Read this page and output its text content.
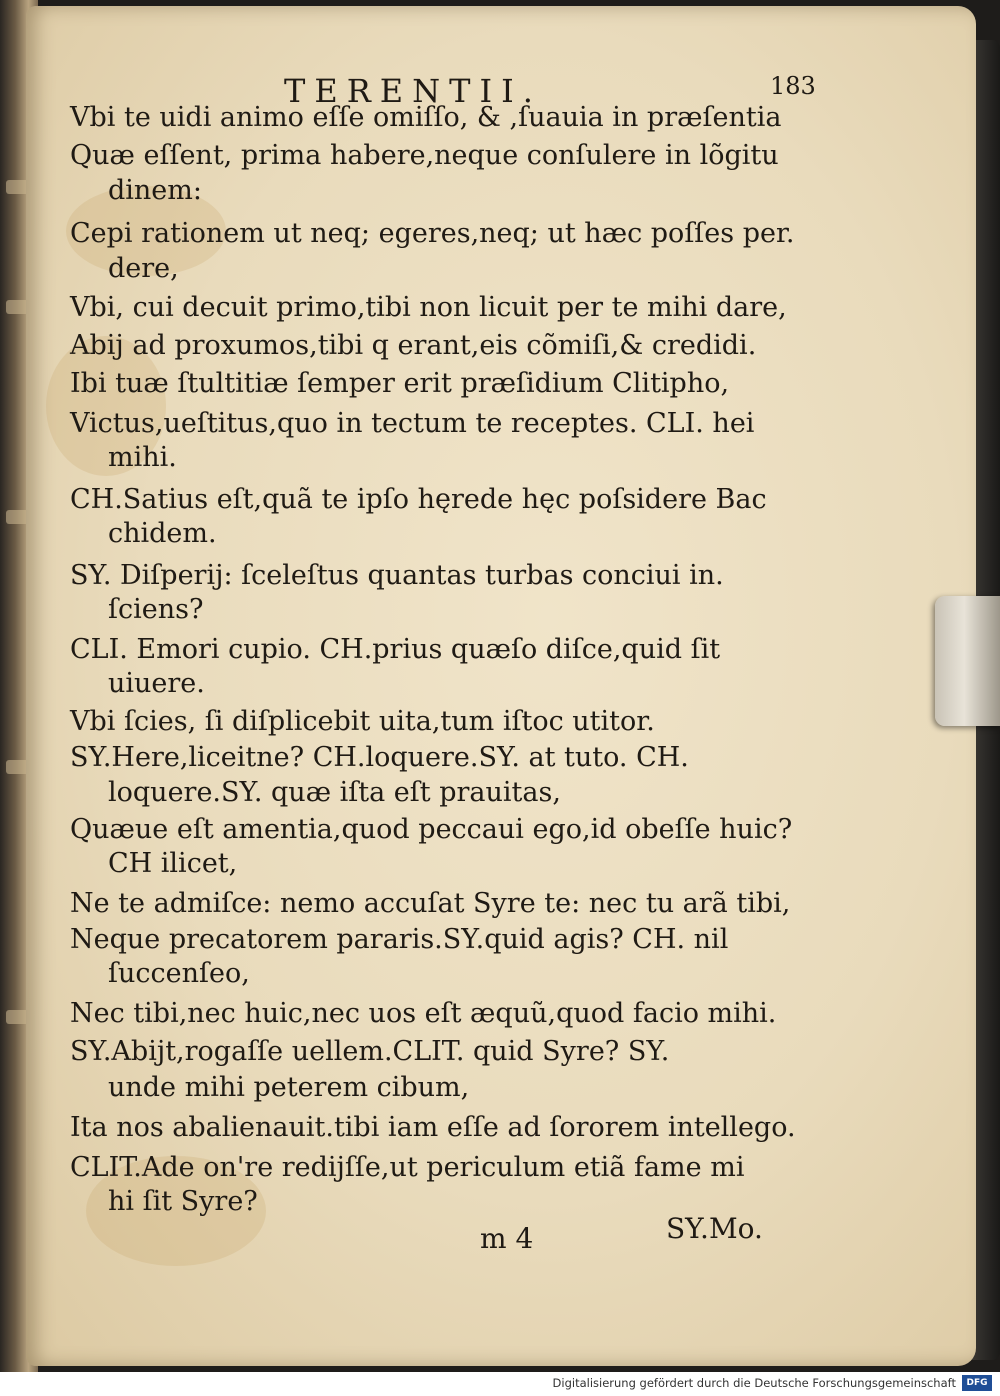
TERENTII.	183
Vbi te uidi animo eſſe omiſſo, & ,ſuauia in præſentia
Quæ eſſent, prima habere,neque conſulere in lõgitu
dinem:
Cepi rationem ut neq; egeres,neq; ut hæc poſſes per.
dere,
Vbi, cui decuit primo,tibi non licuit per te mihi dare,
Abij ad proxumos,tibi q erant,eis cõmiſi,& credidi.
Ibi tuæ ſtultitiæ ſemper erit præſidium Clitipho,
Victus,ueſtitus,quo in tectum te receptes. CLI. hei
mihi.
CH.Satius eſt,quã te ipſo hęrede hęc poſsidere Bac
chidem.
SY. Diſperij: ſceleſtus quantas turbas conciui in.
ſciens?
CLI. Emori cupio. CH.prius quæſo diſce,quid ſit
uiuere.
Vbi ſcies, ſi diſplicebit uita,tum iſtoc utitor.
SY.Here,liceitne? CH.loquere.SY. at tuto. CH.
loquere.SY. quæ iſta eſt prauitas,
Quæue eſt amentia,quod peccaui ego,id obeſſe huic?
CH ilicet,
Ne te admiſce: nemo accuſat Syre te: nec tu arã tibi,
Neque precatorem pararis.SY.quid agis? CH. nil
ſuccenſeo,
Nec tibi,nec huic,nec uos eſt æquũ,quod facio mihi.
SY.Abijt,rogaſſe uellem.CLIT. quid Syre? SY.
unde mihi peterem cibum,
Ita nos abalienauit.tibi iam eſſe ad ſororem intellego.
CLIT.Ade on're redijſſe,ut periculum etiã fame mi
hi ſit Syre?
m 4	SY.Mo.
Digitalisierung gefördert durch die Deutsche Forschungsgemeinschaft	DFG
